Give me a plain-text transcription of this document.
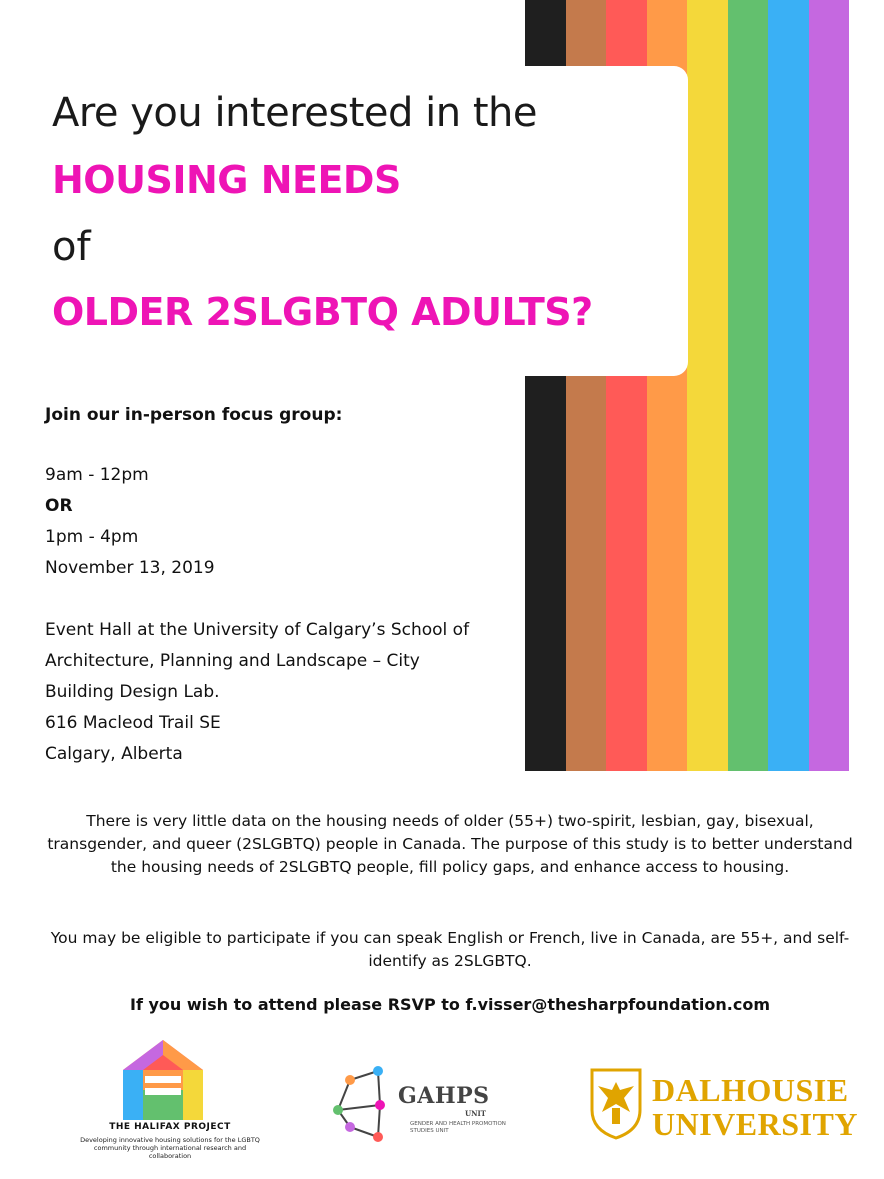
Are you interested in the
HOUSING NEEDS
of
OLDER 2SLGBTQ ADULTS?
Join our in-person focus group:
9am - 12pm
OR
1pm - 4pm
November 13, 2019
Event Hall at the University of Calgary’s School of
Architecture, Planning and Landscape – City
Building Design Lab.
616 Macleod Trail SE
Calgary, Alberta

There is very little data on the housing needs of older (55+) two-spirit, lesbian, gay, bisexual, transgender, and queer (2SLGBTQ) people in Canada. The purpose of this study is to better understand the housing needs of 2SLGBTQ people, fill policy gaps, and enhance access to housing.

You may be eligible to participate if you can speak English or French, live in Canada, are 55+, and self-identify as 2SLGBTQ.

If you wish to attend please RSVP to f.visser@thesharpfoundation.com

THE HALIFAX PROJECT
Developing innovative housing solutions for the LGBTQ community through international research and collaboration
GAHPS
UNIT
GENDER AND HEALTH PROMOTION STUDIES UNIT
DALHOUSIE
UNIVERSITY
